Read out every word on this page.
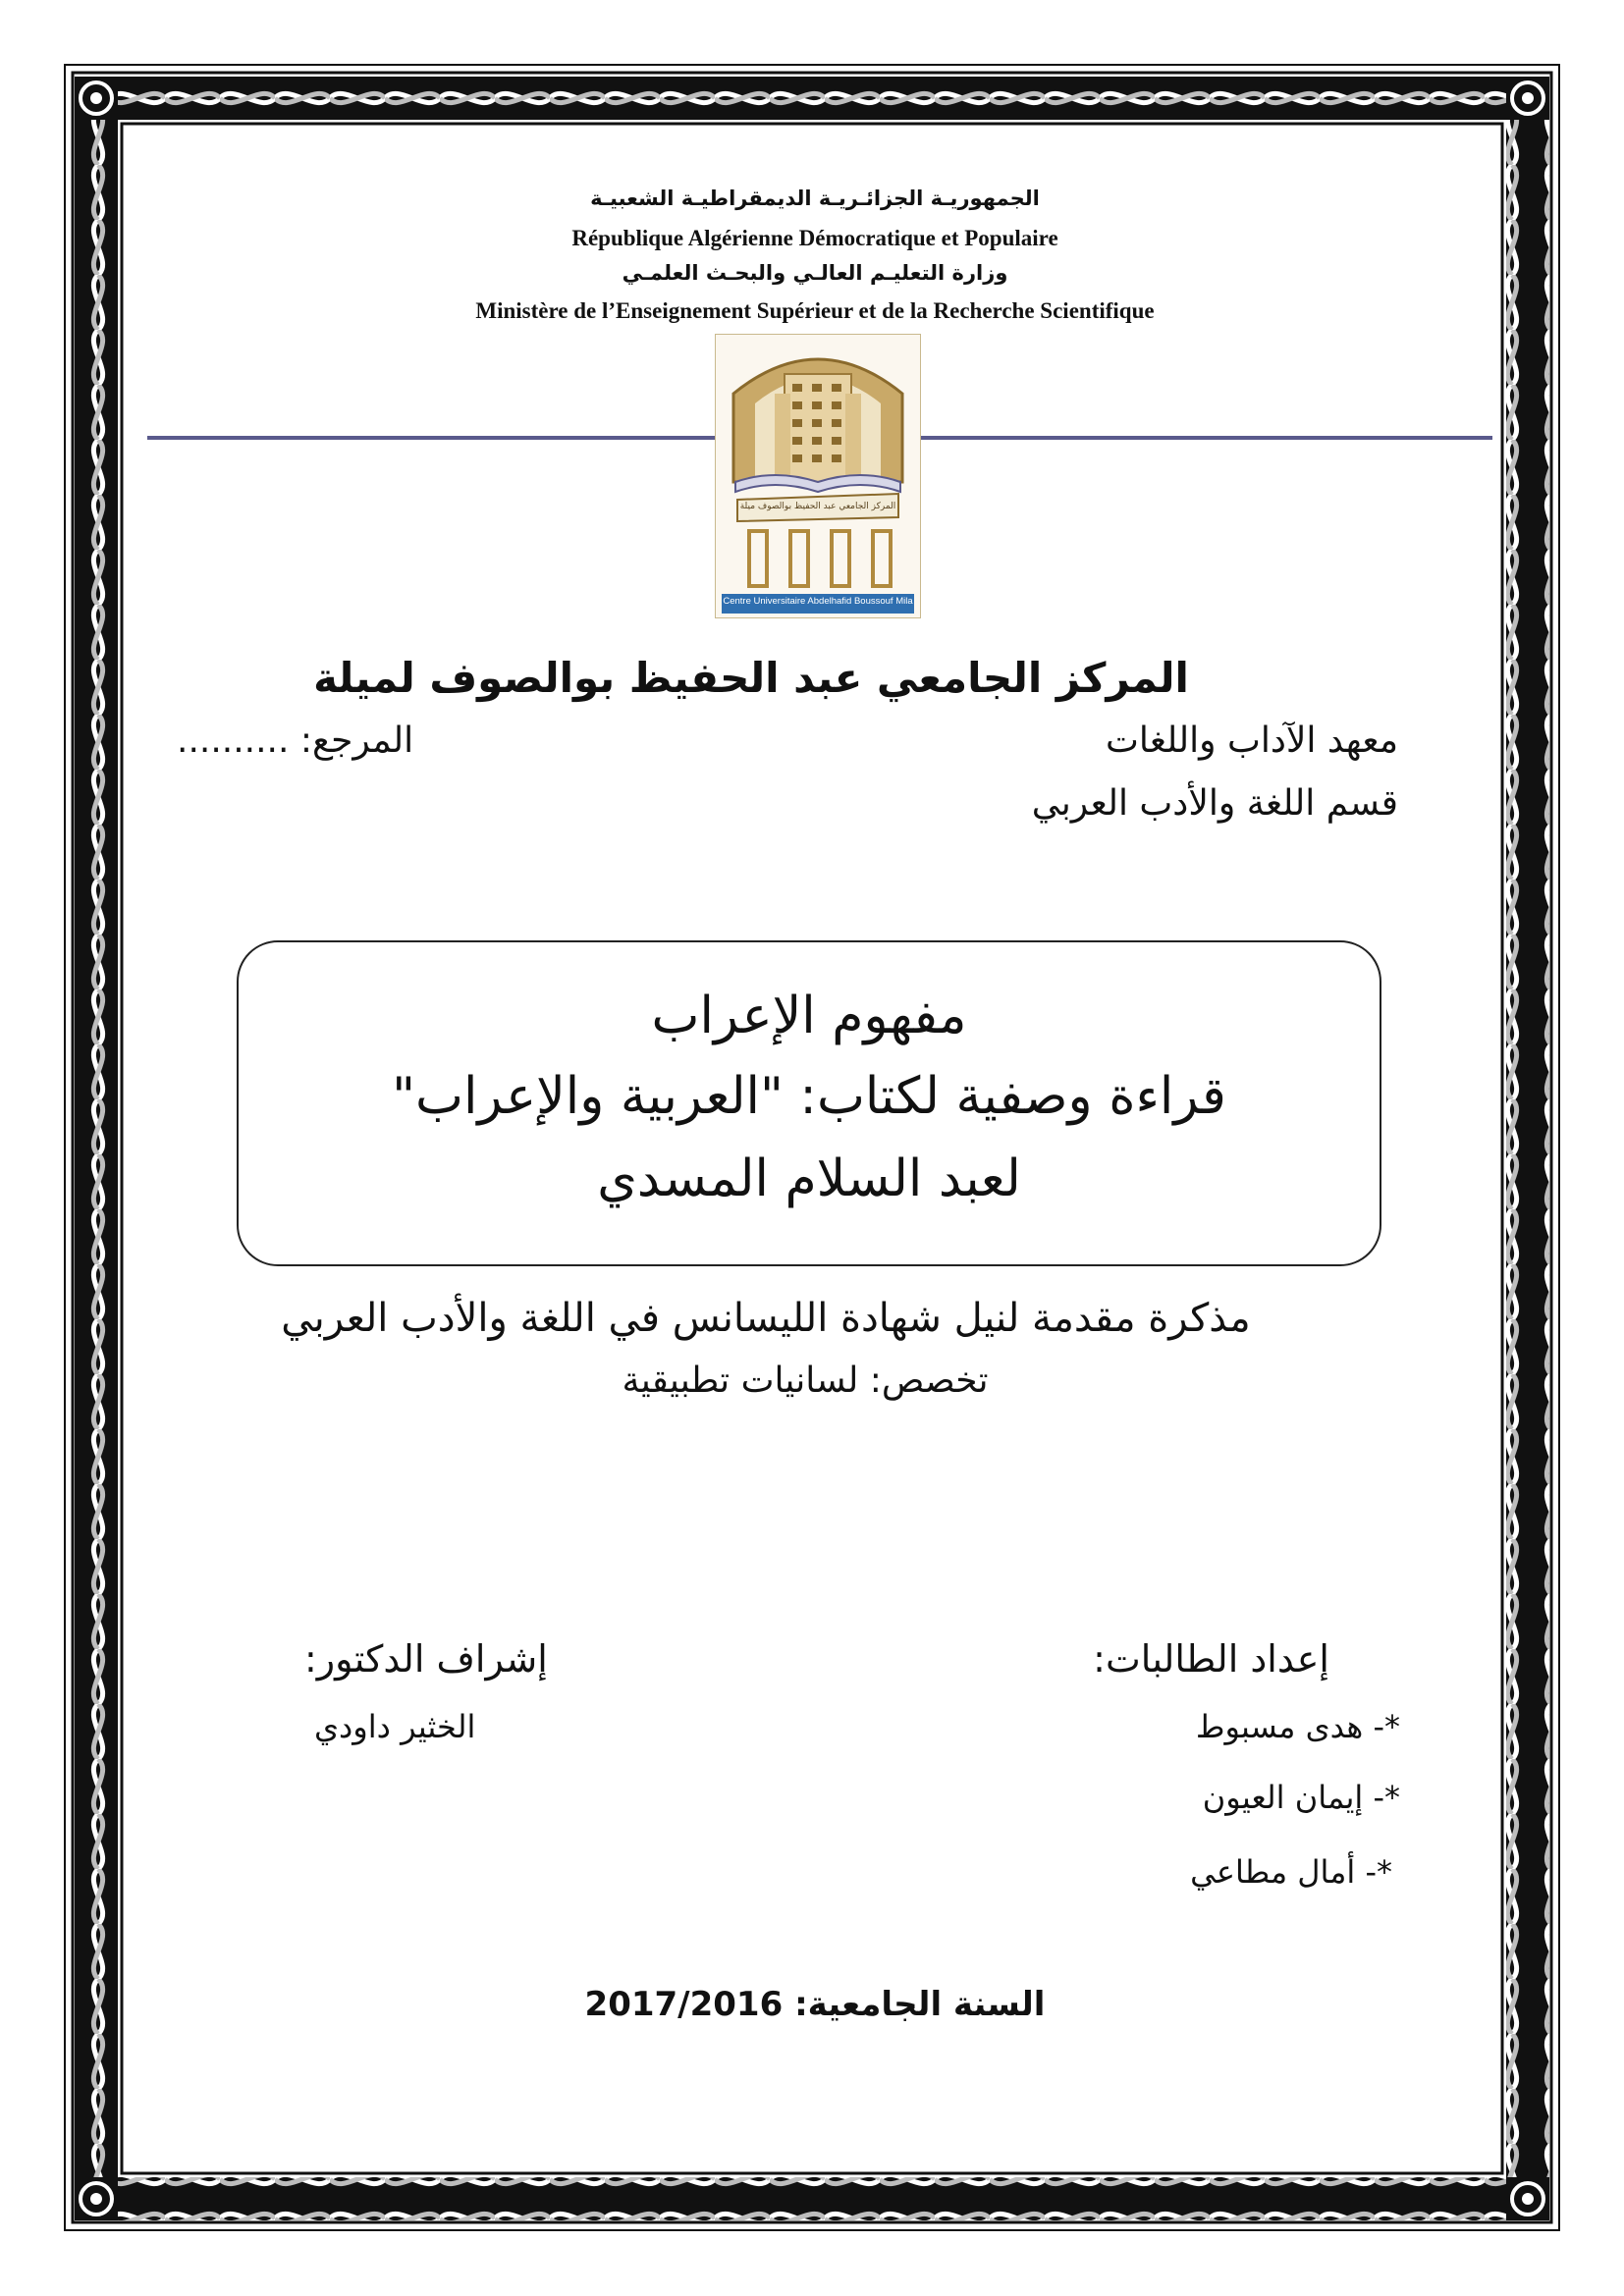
الجمهوريـة الجزائـريـة الديمقراطيـة الشعبيـة
République Algérienne Démocratique et Populaire
وزارة التعليـم العالـي والبحـث العلمـي
Ministère de l’Enseignement Supérieur et de la Recherche Scientifique
المركز الجامعي عبد الحفيظ بوالصوف ميلة
Centre Universitaire Abdelhafid Boussouf Mila
المركز الجامعي عبد الحفيظ بوالصوف لميلة
معهد الآداب واللغات
المرجع: ..........
قسم اللغة والأدب العربي
مفهوم الإعراب
قراءة وصفية لكتاب: "العربية والإعراب"
لعبد السلام المسدي
مذكرة مقدمة لنيل شهادة الليسانس في اللغة والأدب العربي
تخصص: لسانيات تطبيقية
إعداد الطالبات:
إشراف الدكتور:
*- هدى مسبوط
*- إيمان العيون
*- أمال مطاعي
الخثير داودي
السنة الجامعية: 2017/2016
